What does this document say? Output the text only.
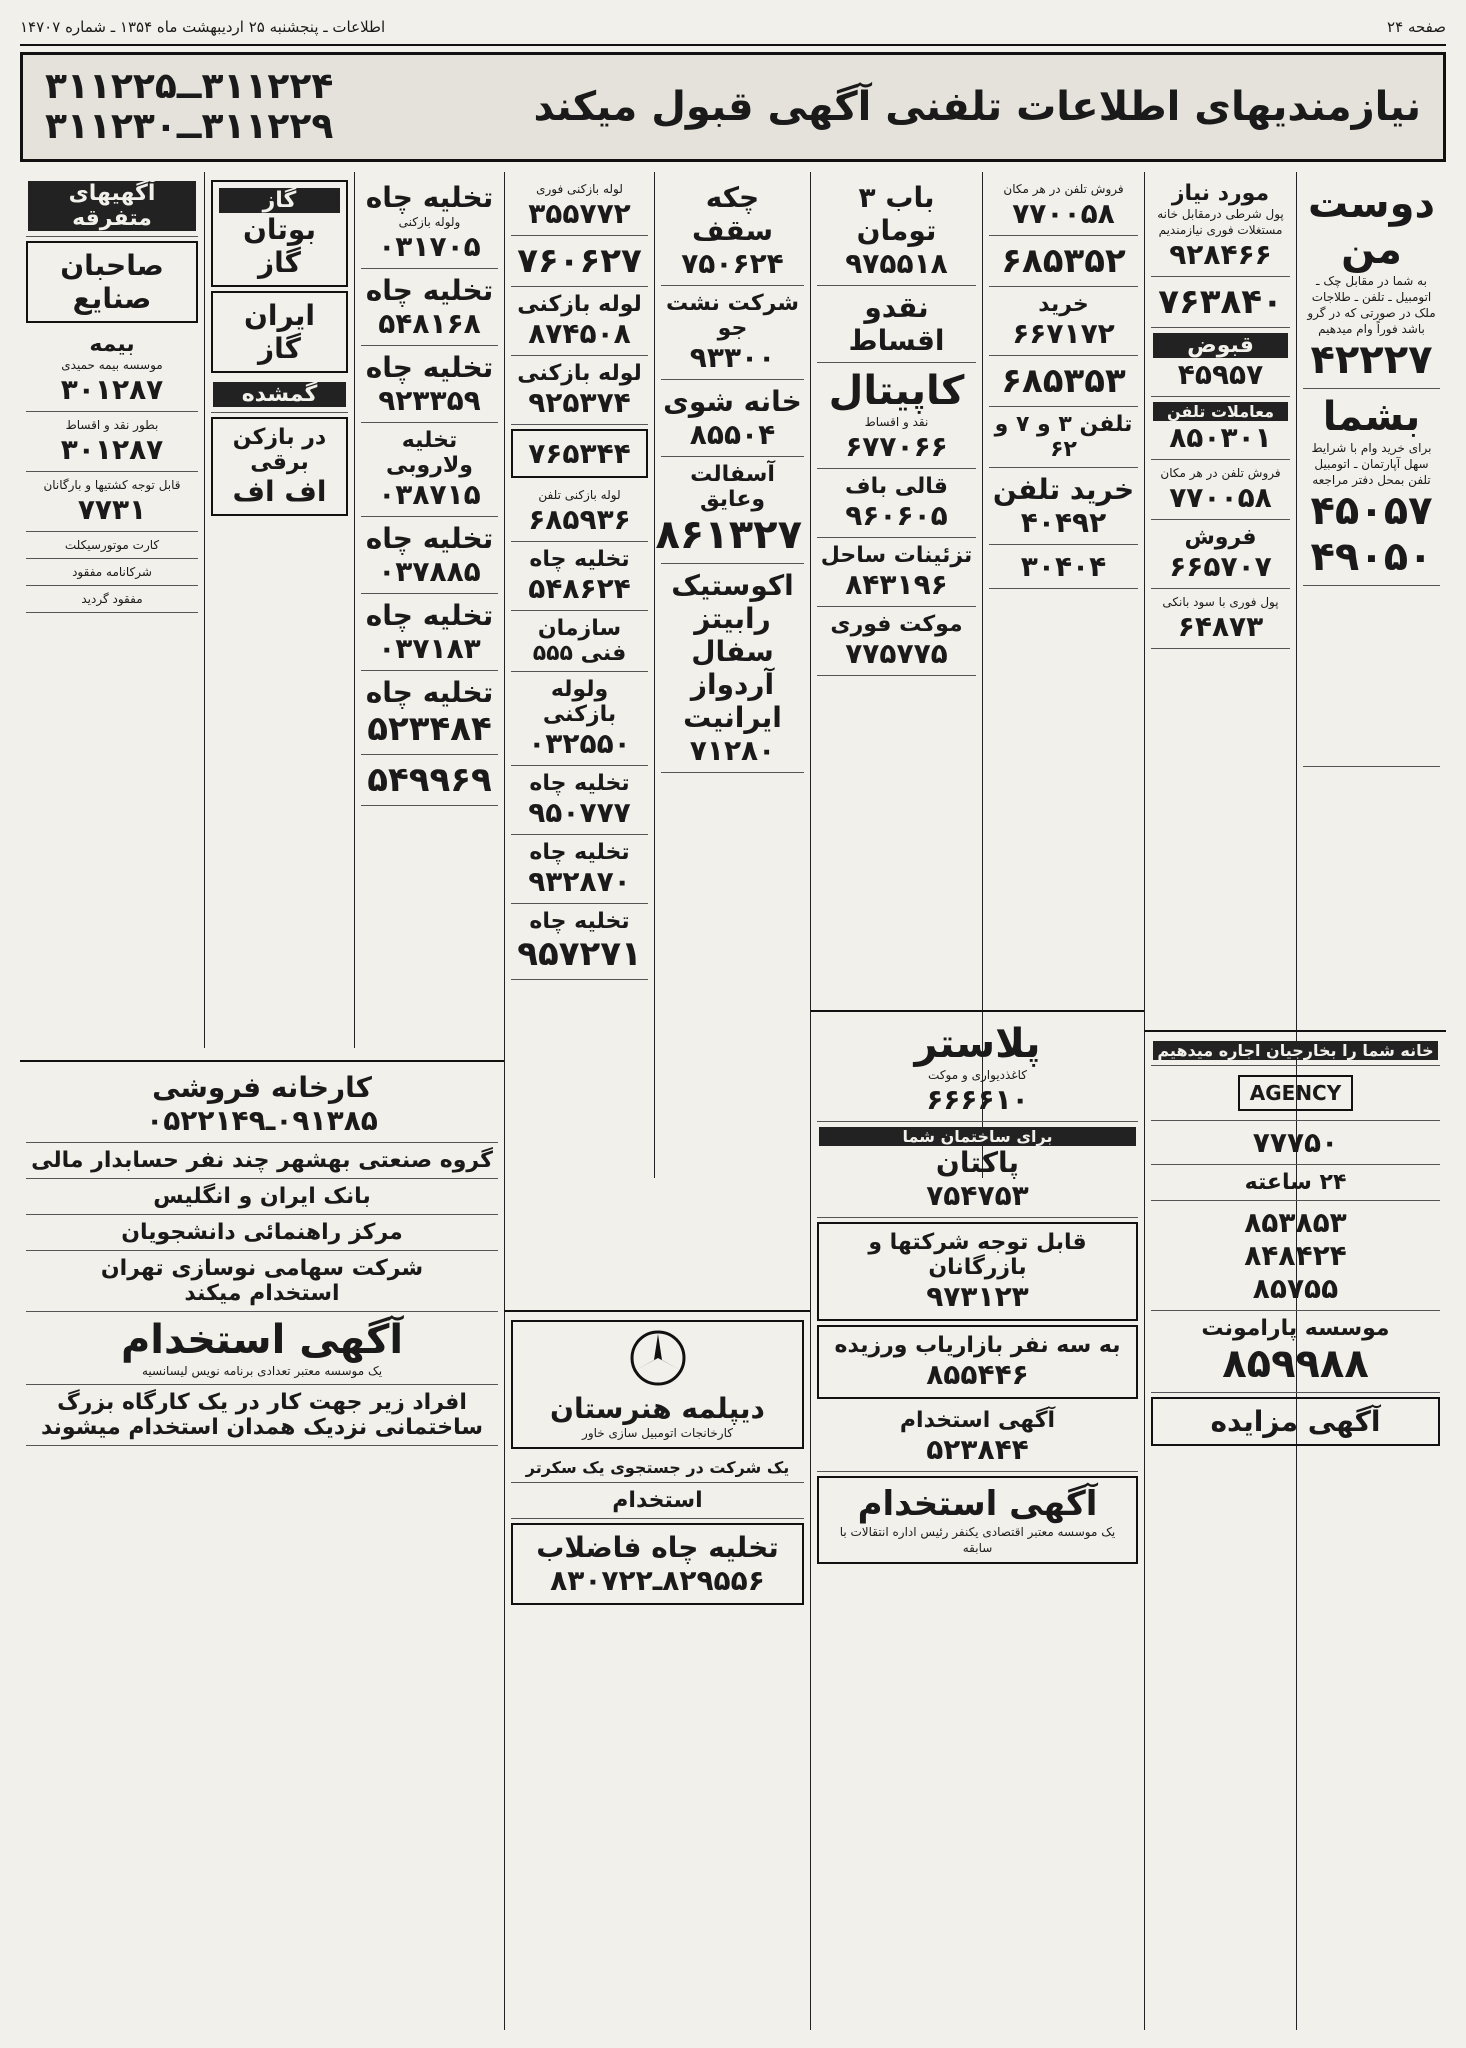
صفحه ۲۴
اطلاعات ـ پنجشنبه ۲۵ اردیبهشت ماه ۱۳۵۴ ـ شماره ۱۴۷۰۷
نیازمندیهای اطلاعات تلفنی آگهی قبول میکند
۳۱۱۲۲۴ــ۳۱۱۲۲۵
۳۱۱۲۲۹ــ۳۱۱۲۳۰
دوست من
به شما در مقابل چک ـ اتومبیل ـ تلفن ـ طلاجات ملک در صورتی که در گرو باشد فوراً وام میدهیم
۴۲۲۲۷
بشما
برای خرید وام با شرایط سهل آپارتمان ـ اتومبیل تلفن بمحل دفتر مراجعه
۴۵۰۵۷
۴۹۰۵۰
مورد نیاز
پول شرطی درمقابل خانه مستغلات فوری نیازمندیم
۹۲۸۴۶۶
۷۶۳۸۴۰
قبوض
۴۵۹۵۷
معاملات تلفن
۸۵۰۳۰۱
فروش تلفن در هر مکان
۷۷۰۰۵۸
فروش
۶۶۵۷۰۷
پول فوری با سود بانکی
۶۴۸۷۳
خانه شما را بخارجیان اجاره میدهیم
AGENCY
۷۷۷۵۰
۲۴ ساعته
۸۵۳۸۵۳
۸۴۸۴۲۴
۸۵۷۵۵
موسسه پارامونت
۸۵۹۹۸۸
آگهی مزایده
فروش تلفن در هر مکان
۷۷۰۰۵۸
۶۸۵۳۵۲
خرید
۶۶۷۱۷۲
۶۸۵۳۵۳
تلفن ۳ و ۷ و ۶۲
خرید تلفن
۴۰۴۹۲
۳۰۴۰۴
باب ۳ تومان
۹۷۵۵۱۸
نقدو اقساط
کاپیتال
نقد و اقساط
۶۷۷۰۶۶
قالی باف
۹۶۰۶۰۵
تزئینات ساحل
۸۴۳۱۹۶
موکت فوری
۷۷۵۷۷۵
پلاستر
کاغذدیواری و موکت
۶۶۶۶۱۰
برای ساختمان شما
پاکتان
۷۵۴۷۵۳
قابل توجه شرکتها و بازرگانان
۹۷۳۱۲۳
به سه نفر بازاریاب ورزیده
۸۵۵۴۴۶
آگهی استخدام
۵۲۳۸۴۴
آگهی استخدام
یک موسسه معتبر اقتصادی یکنفر رئیس اداره انتقالات با سابقه
چکه سقف
۷۵۰۶۲۴
شرکت نشت جو
۹۳۳۰۰
خانه شوی
۸۵۵۰۴
آسفالت وعایق
۸۶۱۳۲۷
اکوستیک
رابیتز
سفال
آردواز
ایرانیت
۷۱۲۸۰
لوله بازکنی فوری
۳۵۵۷۷۲
۷۶۰۶۲۷
لوله بازکنی
۸۷۴۵۰۸
لوله بازکنی
۹۲۵۳۷۴
۷۶۵۳۴۴
لوله بازکنی تلفن
۶۸۵۹۳۶
تخلیه چاه
۵۴۸۶۲۴
سازمان فنی ۵۵۵
ولوله بازکنی
۰۳۲۵۵۰
تخلیه چاه
۹۵۰۷۷۷
تخلیه چاه
۹۳۲۸۷۰
تخلیه چاه
۹۵۷۲۷۱
دیپلمه هنرستان
کارخانجات اتومبیل سازی خاور
یک شرکت در جستجوی یک سکرتر
استخدام
تخلیه چاه فاضلاب
۸۲۹۵۵۶ـ۸۳۰۷۲۲
تخلیه چاه
ولوله بازکنی
۰۳۱۷۰۵
تخلیه چاه
۵۴۸۱۶۸
تخلیه چاه
۹۲۳۳۵۹
تخلیه ولاروبی
۰۳۸۷۱۵
تخلیه چاه
۰۳۷۸۸۵
تخلیه چاه
۰۳۷۱۸۳
تخلیه چاه
۵۲۳۴۸۴
۵۴۹۹۶۹
گاز
بوتان گاز
ایران گاز
گمشده
در بازکن برقی
اف اف
آگهیهای متفرقه
صاحبان صنایع
بیمه
موسسه بیمه حمیدی
۳۰۱۲۸۷
بطور نقد و اقساط
۳۰۱۲۸۷
قابل توجه کشتیها و بارگانان
۷۷۳۱
کارت موتورسیکلت
شرکانامه مفقود
مفقود گردید
کارخانه فروشی
۰۹۱۳۸۵ـ۰۵۲۲۱۴۹
گروه صنعتی بهشهر چند نفر حسابدار مالی
بانک ایران و انگلیس
مرکز راهنمائی دانشجویان
شرکت سهامی نوسازی تهران
استخدام میکند
آگهی استخدام
یک موسسه معتبر تعدادی برنامه نویس لیسانسیه
افراد زیر جهت کار در یک کارگاه بزرگ ساختمانی نزدیک همدان استخدام میشوند
